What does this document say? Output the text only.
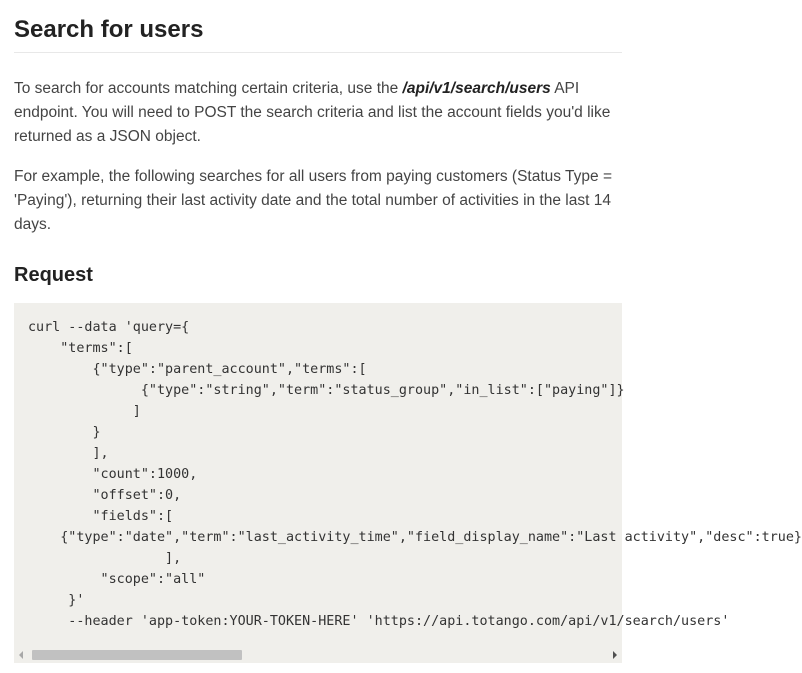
Search for users

To search for accounts matching certain criteria, use the /api/v1/search/users API endpoint. You will need to POST the search criteria and list the account fields you'd like returned as a JSON object.

For example, the following searches for all users from paying customers (Status Type = 'Paying'), returning their last activity date and the total number of activities in the last 14 days.

Request
curl --data 'query={
"terms":[
{"type":"parent_account","terms":[
{"type":"string","term":"status_group","in_list":["paying"]}
]
}
],
"count":1000,
"offset":0,
"fields":[
{"type":"date","term":"last_activity_time","field_display_name":"Last activity","desc":true}
],
"scope":"all"
}'
--header 'app-token:YOUR-TOKEN-HERE' 'https://api.totango.com/api/v1/search/users'
